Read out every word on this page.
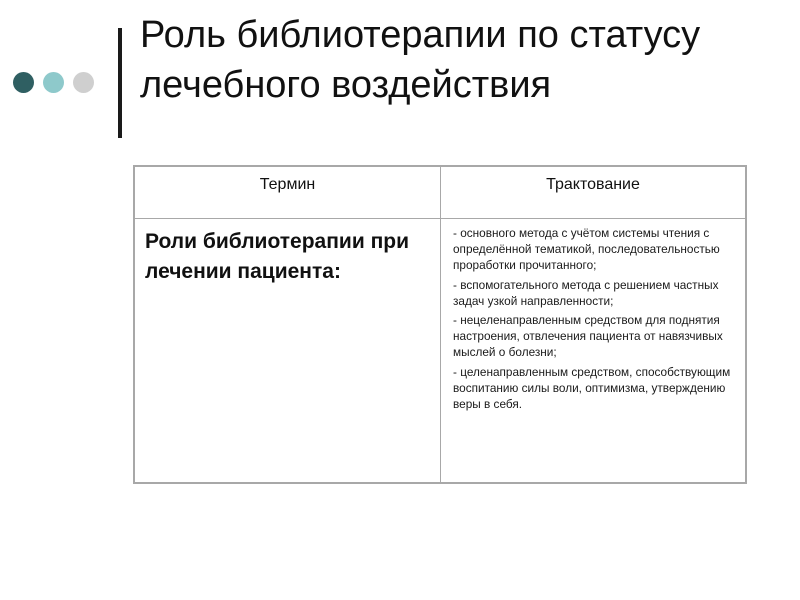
Роль библиотерапии по статусу лечебного воздействия
Термин	Трактование
Роли библиотерапии при лечении пациента:

- основного метода с учётом системы чтения с определённой тематикой, последовательностью проработки прочитанного;

- вспомогательного метода с решением частных задач узкой направленности;

- нецеленаправленным средством для поднятия настроения, отвлечения пациента от навязчивых мыслей о болезни;

- целенаправленным средством, способствующим воспитанию силы воли, оптимизма, утверждению веры в себя.
